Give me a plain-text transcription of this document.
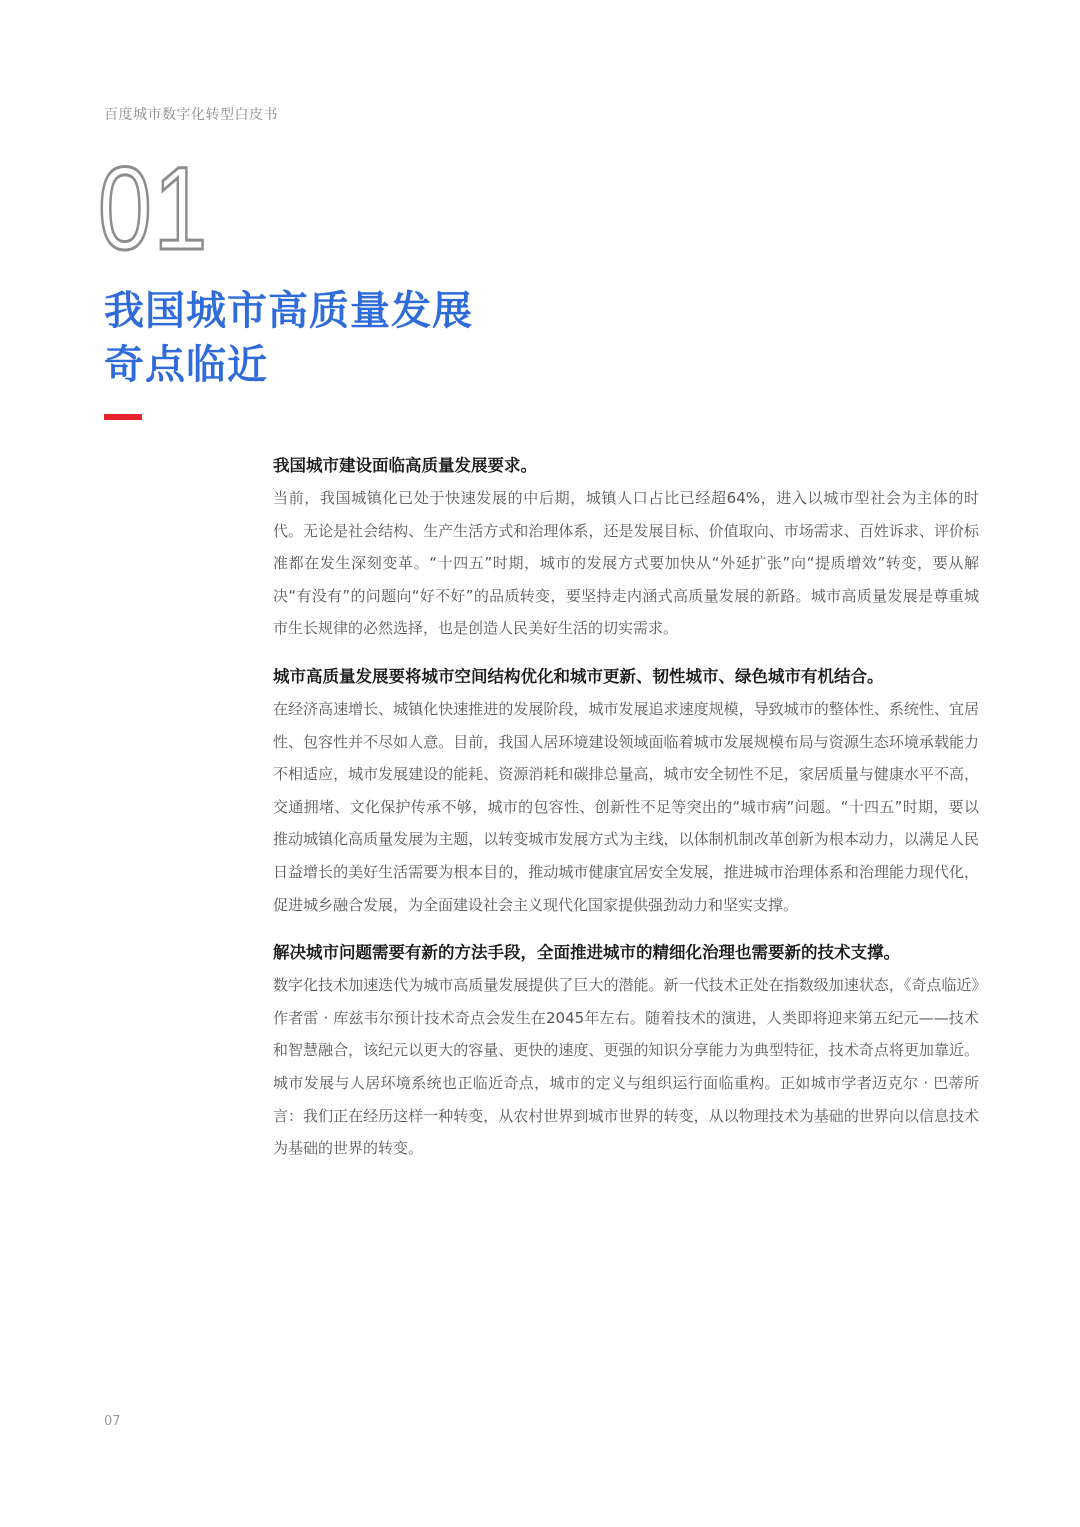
百度城市数字化转型白皮书
01
我国城市高质量发展
奇点临近
我国城市建设面临高质量发展要求。

当前，我国城镇化已处于快速发展的中后期，城镇人口占比已经超64%，进入以城市型社会为主体的时代。无论是社会结构、生产生活方式和治理体系，还是发展目标、价值取向、市场需求、百姓诉求、评价标准都在发生深刻变革。“十四五”时期，城市的发展方式要加快从“外延扩张”向“提质增效”转变，要从解决“有没有”的问题向“好不好”的品质转变，要坚持走内涵式高质量发展的新路。城市高质量发展是尊重城市生长规律的必然选择，也是创造人民美好生活的切实需求。

城市高质量发展要将城市空间结构优化和城市更新、韧性城市、绿色城市有机结合。

在经济高速增长、城镇化快速推进的发展阶段，城市发展追求速度规模，导致城市的整体性、系统性、宜居性、包容性并不尽如人意。目前，我国人居环境建设领域面临着城市发展规模布局与资源生态环境承载能力不相适应，城市发展建设的能耗、资源消耗和碳排总量高，城市安全韧性不足，家居质量与健康水平不高，交通拥堵、文化保护传承不够，城市的包容性、创新性不足等突出的“城市病”问题。“十四五”时期，要以推动城镇化高质量发展为主题，以转变城市发展方式为主线，以体制机制改革创新为根本动力，以满足人民日益增长的美好生活需要为根本目的，推动城市健康宜居安全发展，推进城市治理体系和治理能力现代化，促进城乡融合发展，为全面建设社会主义现代化国家提供强劲动力和坚实支撑。

解决城市问题需要有新的方法手段，全面推进城市的精细化治理也需要新的技术支撑。

数字化技术加速迭代为城市高质量发展提供了巨大的潜能。新一代技术正处在指数级加速状态，《奇点临近》作者雷 · 库兹韦尔预计技术奇点会发生在2045年左右。随着技术的演进，人类即将迎来第五纪元——技术和智慧融合，该纪元以更大的容量、更快的速度、更强的知识分享能力为典型特征，技术奇点将更加靠近。城市发展与人居环境系统也正临近奇点，城市的定义与组织运行面临重构。正如城市学者迈克尔 · 巴蒂所言：我们正在经历这样一种转变，从农村世界到城市世界的转变，从以物理技术为基础的世界向以信息技术为基础的世界的转变。

07
